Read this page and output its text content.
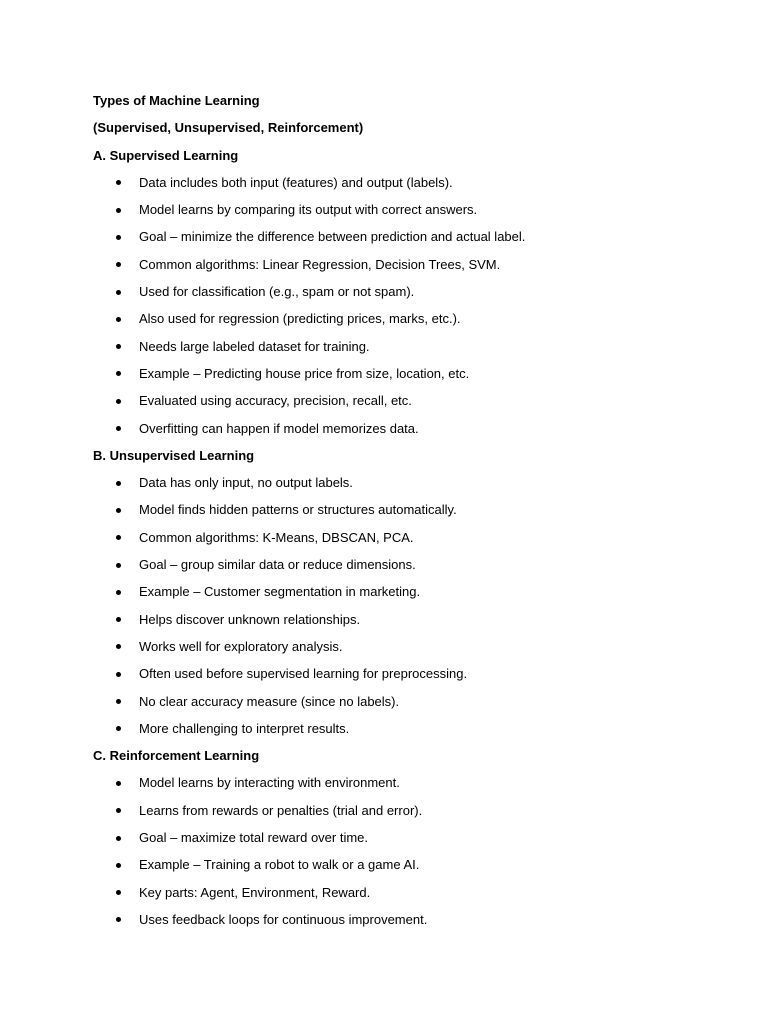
Types of Machine Learning
(Supervised, Unsupervised, Reinforcement)
A. Supervised Learning
Data includes both input (features) and output (labels).
Model learns by comparing its output with correct answers.
Goal – minimize the difference between prediction and actual label.
Common algorithms: Linear Regression, Decision Trees, SVM.
Used for classification (e.g., spam or not spam).
Also used for regression (predicting prices, marks, etc.).
Needs large labeled dataset for training.
Example – Predicting house price from size, location, etc.
Evaluated using accuracy, precision, recall, etc.
Overfitting can happen if model memorizes data.
B. Unsupervised Learning
Data has only input, no output labels.
Model finds hidden patterns or structures automatically.
Common algorithms: K-Means, DBSCAN, PCA.
Goal – group similar data or reduce dimensions.
Example – Customer segmentation in marketing.
Helps discover unknown relationships.
Works well for exploratory analysis.
Often used before supervised learning for preprocessing.
No clear accuracy measure (since no labels).
More challenging to interpret results.
C. Reinforcement Learning
Model learns by interacting with environment.
Learns from rewards or penalties (trial and error).
Goal – maximize total reward over time.
Example – Training a robot to walk or a game AI.
Key parts: Agent, Environment, Reward.
Uses feedback loops for continuous improvement.
